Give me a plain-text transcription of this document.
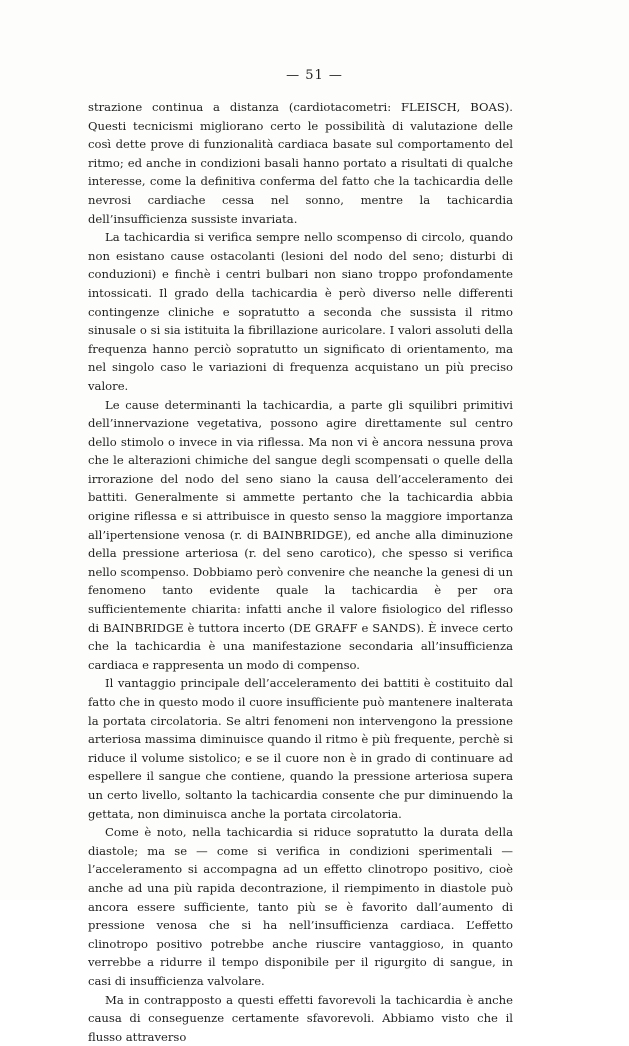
— 51 —

strazione continua a distanza (cardiotacometri: FLEISCH, BOAS). Questi tecnicismi migliorano certo le possibilità di valutazione delle così dette prove di funzionalità cardiaca basate sul comportamento del ritmo; ed anche in condizioni basali hanno portato a risultati di qualche interesse, come la definitiva conferma del fatto che la tachicardia delle nevrosi cardiache cessa nel sonno, mentre la tachicardia dell’insufficienza sussiste invariata.

La tachicardia si verifica sempre nello scompenso di circolo, quando non esistano cause ostacolanti (lesioni del nodo del seno; disturbi di conduzioni) e finchè i centri bulbari non siano troppo profondamente intossicati. Il grado della tachicardia è però diverso nelle differenti contingenze cliniche e sopratutto a seconda che sussista il ritmo sinusale o si sia istituita la fibrillazione auricolare. I valori assoluti della frequenza hanno perciò sopratutto un significato di orientamento, ma nel singolo caso le variazioni di frequenza acquistano un più preciso valore.

Le cause determinanti la tachicardia, a parte gli squilibri primitivi dell’innervazione vegetativa, possono agire direttamente sul centro dello stimolo o invece in via riflessa. Ma non vi è ancora nessuna prova che le alterazioni chimiche del sangue degli scompensati o quelle della irrorazione del nodo del seno siano la causa dell’acceleramento dei battiti. Generalmente si ammette pertanto che la tachicardia abbia origine riflessa e si attribuisce in questo senso la maggiore importanza all’ipertensione venosa (r. di BAINBRIDGE), ed anche alla diminuzione della pressione arteriosa (r. del seno carotico), che spesso si verifica nello scompenso. Dobbiamo però convenire che neanche la genesi di un fenomeno tanto evidente quale la tachicardia è per ora sufficientemente chiarita: infatti anche il valore fisiologico del riflesso di BAINBRIDGE è tuttora incerto (DE GRAFF e SANDS). È invece certo che la tachicardia è una manifestazione secondaria all’insufficienza cardiaca e rappresenta un modo di compenso.

Il vantaggio principale dell’acceleramento dei battiti è costituito dal fatto che in questo modo il cuore insufficiente può mantenere inalterata la portata circolatoria. Se altri fenomeni non intervengono la pressione arteriosa massima diminuisce quando il ritmo è più frequente, perchè si riduce il volume sistolico; e se il cuore non è in grado di continuare ad espellere il sangue che contiene, quando la pressione arteriosa supera un certo livello, soltanto la tachicardia consente che pur diminuendo la gettata, non diminuisca anche la portata circolatoria.

Come è noto, nella tachicardia si riduce sopratutto la durata della diastole; ma se — come si verifica in condizioni sperimentali — l’acceleramento si accompagna ad un effetto clinotropo positivo, cioè anche ad una più rapida decontrazione, il riempimento in diastole può ancora essere sufficiente, tanto più se è favorito dall’aumento di pressione venosa che si ha nell’insufficienza cardiaca. L’effetto clinotropo positivo potrebbe anche riuscire vantaggioso, in quanto verrebbe a ridurre il tempo disponibile per il rigurgito di sangue, in casi di insufficienza valvolare.

Ma in contrapposto a questi effetti favorevoli la tachicardia è anche causa di conseguenze certamente sfavorevoli. Abbiamo visto che il flusso attraverso
